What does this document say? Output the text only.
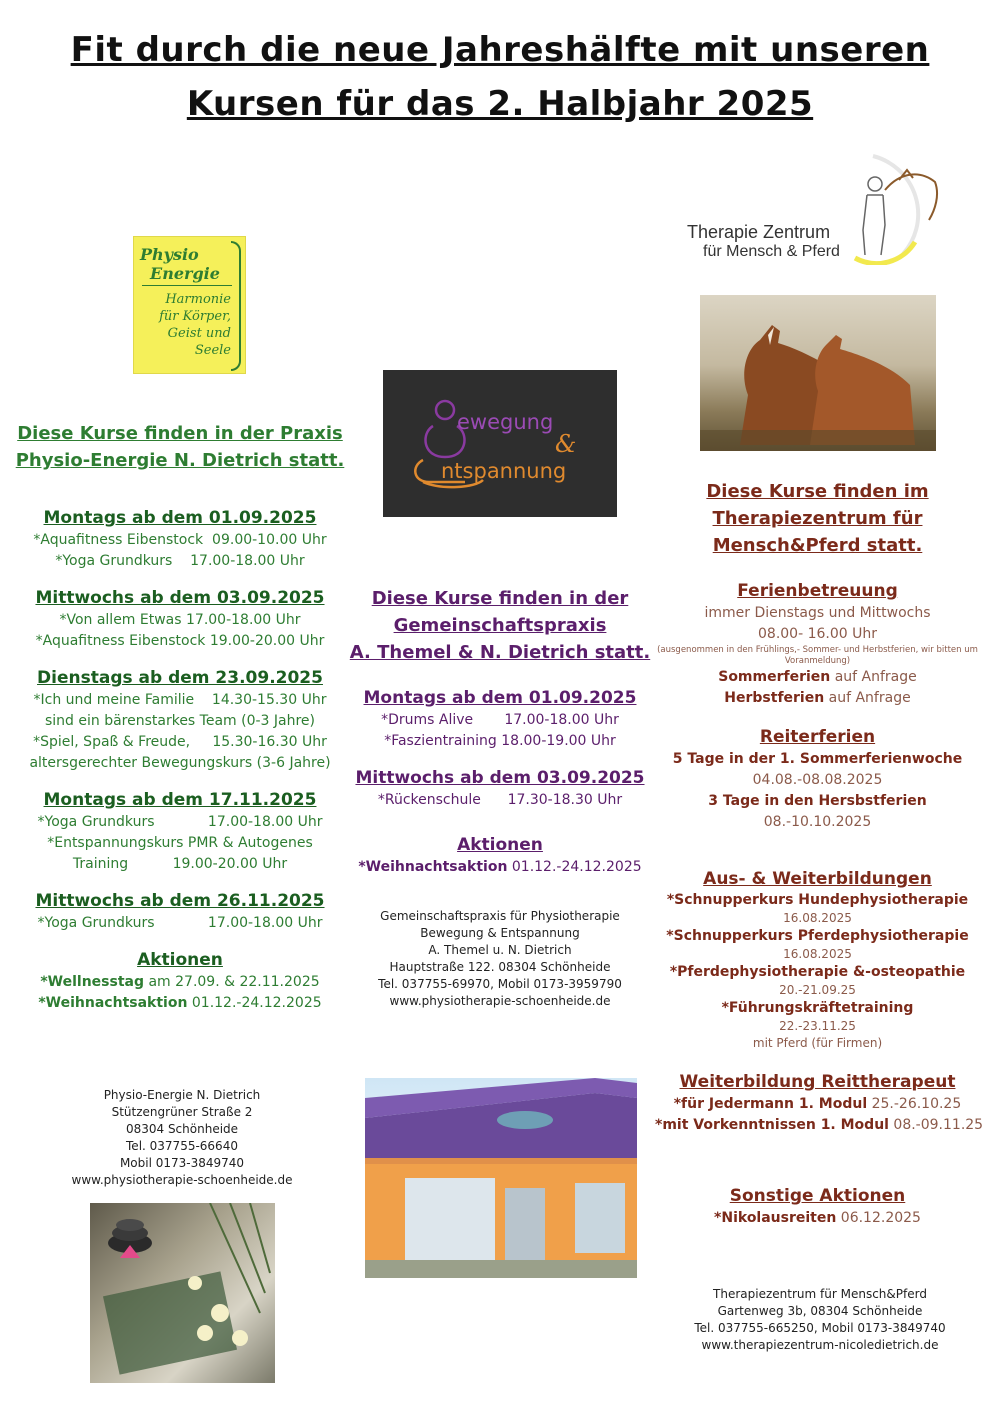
Fit durch die neue Jahreshälfte mit unseren
Kursen für das 2. Halbjahr 2025
Physio
Energie
Harmonie
für Körper,
Geist und
Seele
ewegung
&
ntspannung
Therapie Zentrum
für Mensch & Pferd
Diese Kurse finden in der Praxis
Physio-Energie N. Dietrich statt.
Montags ab dem 01.09.2025
*Aquafitness Eibenstock  09.00-10.00 Uhr
*Yoga Grundkurs    17.00-18.00 Uhr
Mittwochs ab dem 03.09.2025
*Von allem Etwas 17.00-18.00 Uhr
*Aquafitness Eibenstock 19.00-20.00 Uhr
Dienstags ab dem 23.09.2025
*Ich und meine Familie    14.30-15.30 Uhr
sind ein bärenstarkes Team (0-3 Jahre)
*Spiel, Spaß & Freude,     15.30-16.30 Uhr
altersgerechter Bewegungskurs (3-6 Jahre)
Montags ab dem 17.11.2025
*Yoga Grundkurs            17.00-18.00 Uhr
*Entspannungskurs PMR & Autogenes
Training          19.00-20.00 Uhr
Mittwochs ab dem 26.11.2025
*Yoga Grundkurs            17.00-18.00 Uhr
Aktionen
*Wellnesstag am 27.09. & 22.11.2025
*Weihnachtsaktion 01.12.-24.12.2025
Physio-Energie N. Dietrich
Stützengrüner Straße 2
08304 Schönheide
Tel. 037755-66640
Mobil 0173-3849740
www.physiotherapie-schoenheide.de
Diese Kurse finden in der
Gemeinschaftspraxis
A. Themel & N. Dietrich statt.
Montags ab dem 01.09.2025
*Drums Alive       17.00-18.00 Uhr
*Faszientraining 18.00-19.00 Uhr
Mittwochs ab dem 03.09.2025
*Rückenschule      17.30-18.30 Uhr
Aktionen
*Weihnachtsaktion 01.12.-24.12.2025
Gemeinschaftspraxis für Physiotherapie
Bewegung & Entspannung
A. Themel u. N. Dietrich
Hauptstraße 122. 08304 Schönheide
Tel. 037755-69970, Mobil 0173-3959790
www.physiotherapie-schoenheide.de
Diese Kurse finden im
Therapiezentrum für
Mensch&Pferd statt.
Ferienbetreuung
immer Dienstags und Mittwochs
08.00- 16.00 Uhr
(ausgenommen in den Frühlings,- Sommer- und Herbstferien, wir bitten um Voranmeldung)
Sommerferien auf Anfrage
Herbstferien auf Anfrage
Reiterferien
5 Tage in der 1. Sommerferienwoche
04.08.-08.08.2025
3 Tage in den Hersbstferien
08.-10.10.2025
Aus- & Weiterbildungen
*Schnupperkurs Hundephysiotherapie
16.08.2025
*Schnupperkurs Pferdephysiotherapie
16.08.2025
*Pferdephysiotherapie &-osteopathie
20.-21.09.25
*Führungskräftetraining
22.-23.11.25
mit Pferd (für Firmen)
Weiterbildung Reittherapeut
*für Jedermann 1. Modul 25.-26.10.25
*mit Vorkenntnissen 1. Modul 08.-09.11.25
Sonstige Aktionen
*Nikolausreiten 06.12.2025
Therapiezentrum für Mensch&Pferd
Gartenweg 3b, 08304 Schönheide
Tel. 037755-665250, Mobil 0173-3849740
www.therapiezentrum-nicoledietrich.de
